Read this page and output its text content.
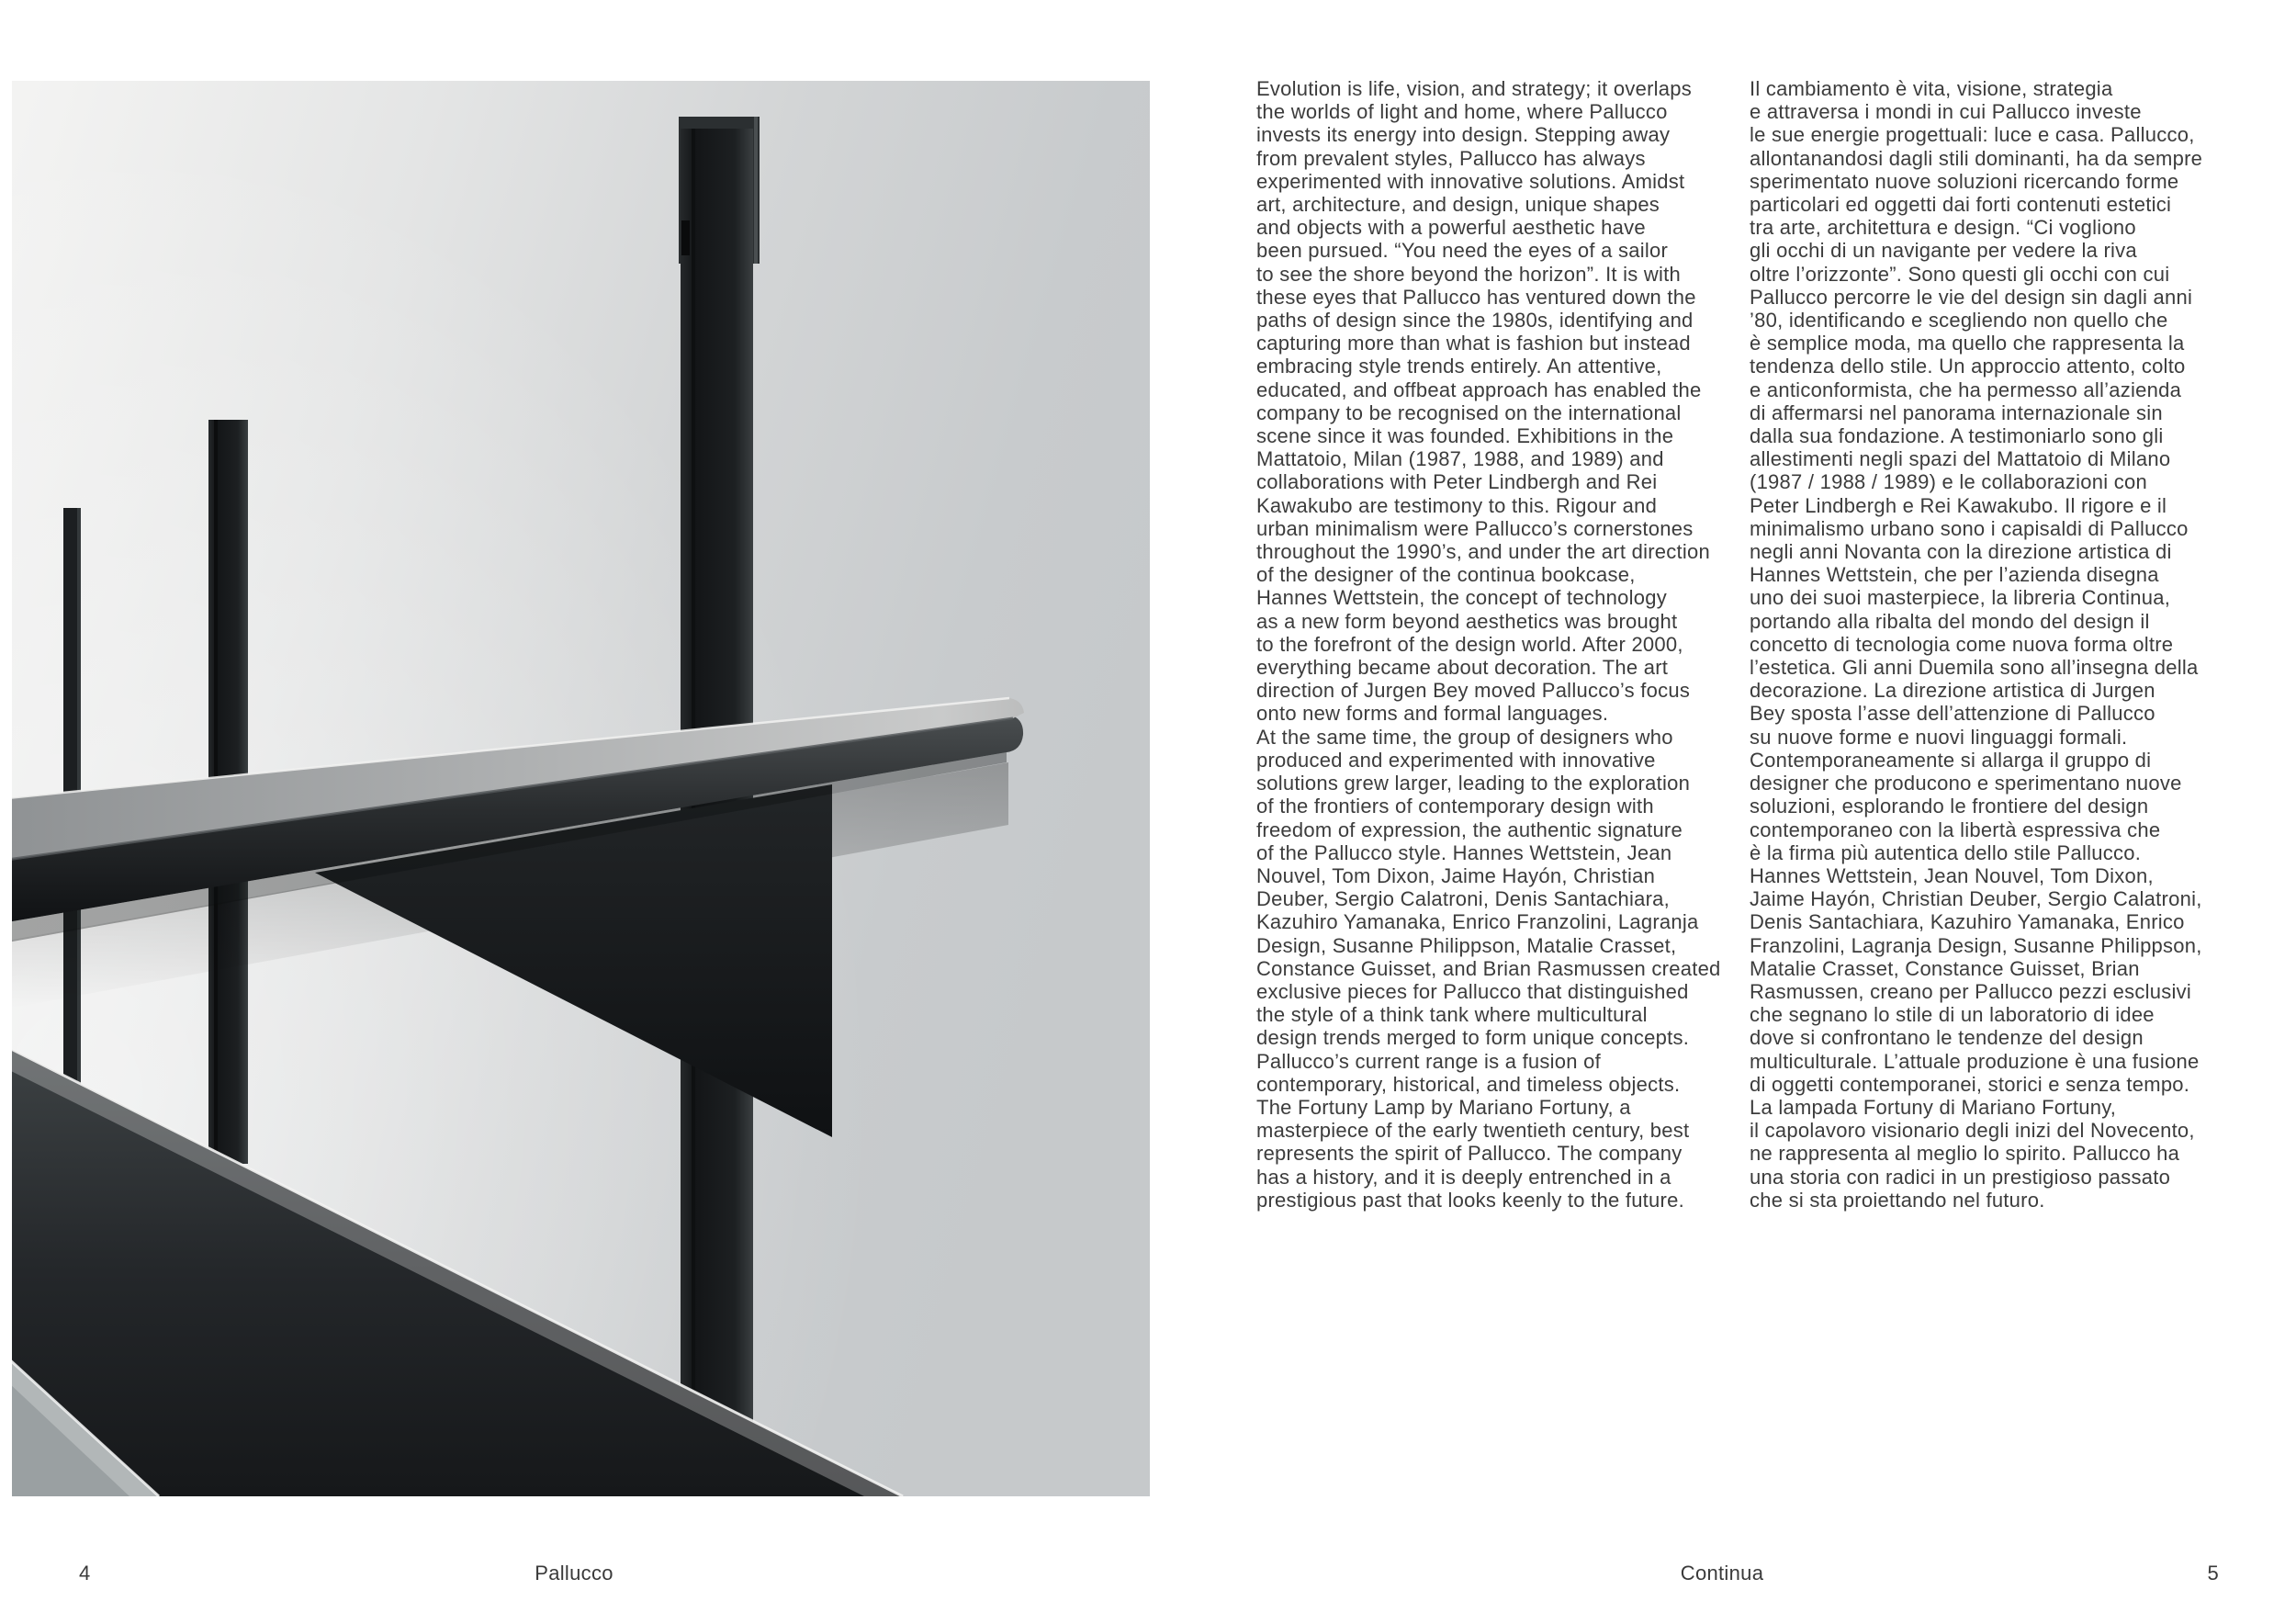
Evolution is life, vision, and strategy; it overlaps
the worlds of light and home, where Pallucco
invests its energy into design. Stepping away
from prevalent styles, Pallucco has always
experimented with innovative solutions. Amidst
art, architecture, and design, unique shapes
and objects with a powerful aesthetic have
been pursued. “You need the eyes of a sailor
to see the shore beyond the horizon”. It is with
these eyes that Pallucco has ventured down the
paths of design since the 1980s, identifying and
capturing more than what is fashion but instead
embracing style trends entirely. An attentive,
educated, and offbeat approach has enabled the
company to be recognised on the international
scene since it was founded. Exhibitions in the
Mattatoio, Milan (1987, 1988, and 1989) and
collaborations with Peter Lindbergh and Rei
Kawakubo are testimony to this. Rigour and
urban minimalism were Pallucco’s cornerstones
throughout the 1990’s, and under the art direction
of the designer of the continua bookcase,
Hannes Wettstein, the concept of technology
as a new form beyond aesthetics was brought
to the forefront of the design world. After 2000,
everything became about decoration. The art
direction of Jurgen Bey moved Pallucco’s focus
onto new forms and formal languages.
At the same time, the group of designers who
produced and experimented with innovative
solutions grew larger, leading to the exploration
of the frontiers of contemporary design with
freedom of expression, the authentic signature
of the Pallucco style. Hannes Wettstein, Jean
Nouvel, Tom Dixon, Jaime Hayón, Christian
Deuber, Sergio Calatroni, Denis Santachiara,
Kazuhiro Yamanaka, Enrico Franzolini, Lagranja
Design, Susanne Philippson, Matalie Crasset,
Constance Guisset, and Brian Rasmussen created
exclusive pieces for Pallucco that distinguished
the style of a think tank where multicultural
design trends merged to form unique concepts.
Pallucco’s current range is a fusion of
contemporary, historical, and timeless objects.
The Fortuny Lamp by Mariano Fortuny, a
masterpiece of the early twentieth century, best
represents the spirit of Pallucco. The company
has a history, and it is deeply entrenched in a
prestigious past that looks keenly to the future.
Il cambiamento è vita, visione, strategia
e attraversa i mondi in cui Pallucco investe
le sue energie progettuali: luce e casa. Pallucco,
allontanandosi dagli stili dominanti, ha da sempre
sperimentato nuove soluzioni ricercando forme
particolari ed oggetti dai forti contenuti estetici
tra arte, architettura e design. “Ci vogliono
gli occhi di un navigante per vedere la riva
oltre l’orizzonte”. Sono questi gli occhi con cui
Pallucco percorre le vie del design sin dagli anni
’80, identificando e scegliendo non quello che
è semplice moda, ma quello che rappresenta la
tendenza dello stile. Un approccio attento, colto
e anticonformista, che ha permesso all’azienda
di affermarsi nel panorama internazionale sin
dalla sua fondazione. A testimoniarlo sono gli
allestimenti negli spazi del Mattatoio di Milano
(1987 / 1988 / 1989) e le collaborazioni con
Peter Lindbergh e Rei Kawakubo. Il rigore e il
minimalismo urbano sono i capisaldi di Pallucco
negli anni Novanta con la direzione artistica di
Hannes Wettstein, che per l’azienda disegna
uno dei suoi masterpiece, la libreria Continua,
portando alla ribalta del mondo del design il
concetto di tecnologia come nuova forma oltre
l’estetica. Gli anni Duemila sono all’insegna della
decorazione. La direzione artistica di Jurgen
Bey sposta l’asse dell’attenzione di Pallucco
su nuove forme e nuovi linguaggi formali.
Contemporaneamente si allarga il gruppo di
designer che producono e sperimentano nuove
soluzioni, esplorando le frontiere del design
contemporaneo con la libertà espressiva che
è la firma più autentica dello stile Pallucco.
Hannes Wettstein, Jean Nouvel, Tom Dixon,
Jaime Hayón, Christian Deuber, Sergio Calatroni,
Denis Santachiara, Kazuhiro Yamanaka, Enrico
Franzolini, Lagranja Design, Susanne Philippson,
Matalie Crasset, Constance Guisset, Brian
Rasmussen, creano per Pallucco pezzi esclusivi
che segnano lo stile di un laboratorio di idee
dove si confrontano le tendenze del design
multiculturale. L’attuale produzione è una fusione
di oggetti contemporanei, storici e senza tempo.
La lampada Fortuny di Mariano Fortuny,
il capolavoro visionario degli inizi del Novecento,
ne rappresenta al meglio lo spirito. Pallucco ha
una storia con radici in un prestigioso passato
che si sta proiettando nel futuro.
4	Pallucco	Continua	5
